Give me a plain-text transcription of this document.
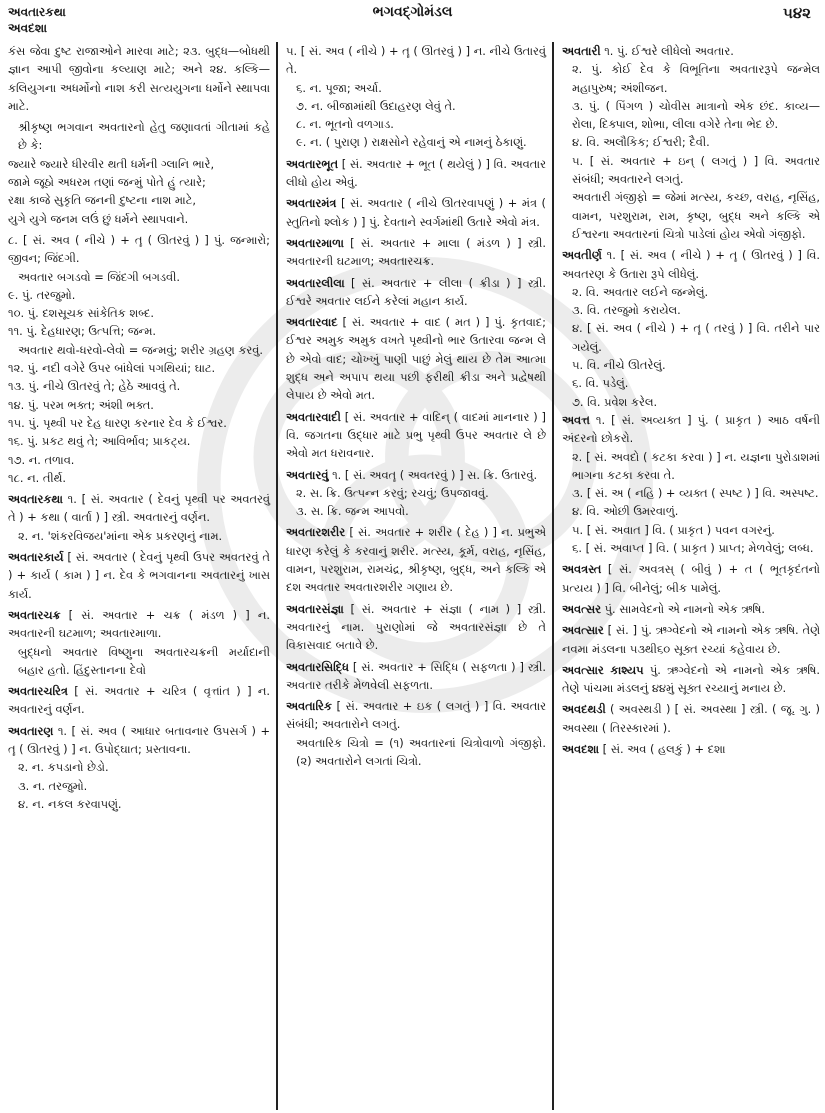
અવતારકથા
અવદશા
ભગવદ્ગોમંડલ	૫૪૨

કંસ જેવા દુષ્ટ રાજાઓને મારવા માટે; ૨૩. બુદ્ધ—બોધથી જ્ઞાન આપી જીવોના કલ્યાણ માટે; અને ૨૪. કલ્કિ—કલિયુગના અધર્મોનો નાશ કરી સત્યયુગના ધર્મોને સ્થાપવા માટે.

શ્રીકૃષ્ણ ભગવાન અવતારનો હેતુ જણાવતાં ગીતામાં કહે છે કે:

જ્યારે જ્યારે ધીરવીર થતી ધર્મની ગ્લાનિ ભારે,

જામે જૂઠો અધરમ તણાં જન્મું પોતે હું ત્યારે;

રક્ષા કાજે સુકૃતિ જનની દુષ્ટના નાશ માટે,

યુગે યુગે જનમ લઉં છું ધર્મને સ્થાપવાને.

૮. [ સં. અવ ( નીચે ) + તૄ ( ઊતરવું ) ] પું. જન્મારો; જીવન; જિંદગી.

અવતાર બગડવો = જિંદગી બગડવી.

૯. પું. તરજુમો.

૧૦. પું. દશસૂચક સાંકેતિક શબ્દ.

૧૧. પું. દેહધારણ; ઉત્પત્તિ; જન્મ.

અવતાર થવો-ધરવો-લેવો = જન્મવું; શરીર ગ્રહણ કરવું.

૧૨. પું. નદી વગેરે ઉપર બાંધેલાં પગથિયાં; ઘાટ.

૧૩. પું. નીચે ઊતરવું તે; હેઠે આવવું તે.

૧૪. પું. પરમ ભક્ત; અંશી ભક્ત.

૧૫. પું. પૃથ્વી પર દેહ ધારણ કરનાર દેવ કે ઈશ્વર.

૧૬. પું. પ્રકટ થવું તે; આવિર્ભાવ; પ્રાકટ્ય.

૧૭. ન. તળાવ.

૧૮. ન. તીર્થ.

અવતારકથા ૧. [ સં. અવતાર ( દેવનું પૃથ્વી પર અવતરવું તે ) + કથા ( વાર્તા ) ] સ્ત્રી. અવતારનું વર્ણન.

૨. ન. 'શંકરવિજય'માંના એક પ્રકરણનું નામ.

અવતારકાર્ય [ સં. અવતાર ( દેવનું પૃથ્વી ઉપર અવતરવું તે ) + કાર્ય ( કામ ) ] ન. દેવ કે ભગવાનના અવતારનું ખાસ કાર્ય.

અવતારચક્ર [ સં. અવતાર + ચક્ર ( મંડળ ) ] ન. અવતારની ઘટમાળ; અવતારમાળા.

બુદ્ધનો અવતાર વિષ્ણુના અવતારચક્રની મર્યાદાની બહાર હતો. હિંદુસ્તાનના દેવો

અવતારચરિત્ર [ સં. અવતાર + ચરિત્ર ( વૃત્તાંત ) ] ન. અવતારનું વર્ણન.

અવતારણ ૧. [ સં. અવ ( આધાર બતાવનાર ઉપસર્ગ ) + તૄ ( ઊતરવું ) ] ન. ઉપોદ્ઘાત; પ્રસ્તાવના.

૨. ન. કપડાનો છેડો.

૩. ન. તરજુમો.

૪. ન. નકલ કરવાપણું.

૫. [ સં. અવ ( નીચે ) + તૄ ( ઊતરવું ) ] ન. નીચે ઉતારવું તે.

૬. ન. પૂજા; અર્ચા.

૭. ન. બીજામાંથી ઉદાહરણ લેવું તે.

૮. ન. ભૂતનો વળગાડ.

૯. ન. ( પુરાણ ) રાક્ષસોને રહેવાનું એ નામનું ઠેકાણું.

અવતારભૂત [ સં. અવતાર + ભૂત ( થયેલું ) ] વિ. અવતાર લીધો હોય એવું.

અવતારમંત્ર [ સં. અવતાર ( નીચે ઊતરવાપણું ) + મંત્ર ( સ્તુતિનો શ્લોક ) ] પું. દેવતાને સ્વર્ગમાંથી ઉતારે એવો મંત્ર.

અવતારમાળા [ સં. અવતાર + માલા ( મંડળ ) ] સ્ત્રી. અવતારની ઘટમાળ; અવતારચક્ર.

અવતારલીલા [ સં. અવતાર + લીલા ( ક્રીડા ) ] સ્ત્રી. ઈશ્વરે અવતાર લઈને કરેલાં મહાન કાર્ય.

અવતારવાદ [ સં. અવતાર + વાદ ( મત ) ] પું. કૃતવાદ; ઈશ્વર અમુક અમુક વખતે પૃથ્વીનો ભાર ઉતારવા જન્મ લે છે એવો વાદ; ચોખ્ખું પાણી પાછું મેલું થાય છે તેમ આત્મા શુદ્ધ અને અપાપ થયા પછી ફરીથી ક્રીડા અને પ્રદ્વેષથી લેપાય છે એવો મત.

અવતારવાદી [ સં. અવતાર + વાદિન્ ( વાદમાં માનનાર ) ] વિ. જગતના ઉદ્ધાર માટે પ્રભુ પૃથ્વી ઉપર અવતાર લે છે એવો મત ધરાવનાર.

અવતારવું ૧. [ સં. અવતૄ ( અવતરવું ) ] સ. ક્રિ. ઉતારવું.

૨. સ. ક્રિ. ઉત્પન્ન કરવું; રચવું; ઉપજાવવું.

૩. સ. ક્રિ. જન્મ આપવો.

અવતારશરીર [ સં. અવતાર + શરીર ( દેહ ) ] ન. પ્રભુએ ધારણ કરેલું કે કરવાનું શરીર. મત્સ્ય, કૂર્મ, વરાહ, નૃસિંહ, વામન, પરશુરામ, રામચંદ્ર, શ્રીકૃષ્ણ, બુદ્ધ, અને કલ્કિ એ દશ અવતાર અવતારશરીર ગણાય છે.

અવતારસંજ્ઞા [ સં. અવતાર + સંજ્ઞા ( નામ ) ] સ્ત્રી. અવતારનું નામ. પુરાણોમાં જે અવતારસંજ્ઞા છે તે વિકાસવાદ બતાવે છે.

અવતારસિદ્ધિ [ સં. અવતાર + સિદ્ધિ ( સફળતા ) ] સ્ત્રી. અવતાર તરીકે મેળવેલી સફળતા.

અવતારિક [ સં. અવતાર + ઇક ( લગતું ) ] વિ. અવતાર સંબંધી; અવતારોને લગતું.

અવતારિક ચિત્રો = (૧) અવતારનાં ચિત્રોવાળો ગંજીફો. (૨) અવતારોને લગતાં ચિત્રો.

અવતારી ૧. પું. ઈશ્વરે લીધેલો અવતાર.

૨. પું. કોઈ દેવ કે વિભૂતિના અવતારરૂપે જન્મેલ મહાપુરુષ; અંશીજન.

૩. પું. ( પિંગળ ) ચોવીસ માત્રાનો એક છંદ. કાવ્ય—રોલા, દિક્પાલ, શોભા, લીલા વગેરે તેના ભેદ છે.

૪. વિ. અલૌકિક; ઈશ્વરી; દૈવી.

૫. [ સં. અવતાર + ઇન્ ( લગતું ) ] વિ. અવતાર સંબંધી; અવતારને લગતું.

અવતારી ગંજીફો = જેમાં મત્સ્ય, કચ્છ, વરાહ, નૃસિંહ, વામન, પરશુરામ, રામ, કૃષ્ણ, બુદ્ધ અને કલ્કિ એ ઈશ્વરના અવતારનાં ચિત્રો પાડેલાં હોય એવો ગંજીફો.

અવતીર્ણ ૧. [ સં. અવ ( નીચે ) + તૄ ( ઊતરવું ) ] વિ. અવતરણ કે ઉતારા રૂપે લીધેલું.

૨. વિ. અવતાર લઈને જન્મેલું.

૩. વિ. તરજુમો કરાયેલ.

૪. [ સં. અવ ( નીચે ) + તૄ ( તરવું ) ] વિ. તરીને પાર ગયેલું.

૫. વિ. નીચે ઊતરેલું.

૬. વિ. પડેલું.

૭. વિ. પ્રવેશ કરેલ.

અવત્ત ૧. [ સં. અવ્યક્ત ] પું. ( પ્રાકૃત ) આઠ વર્ષની અંદરનો છોકરો.

૨. [ સં. અવદો ( કટકા કરવા ) ] ન. યજ્ઞના પુરોડાશમાં ભાગના કટકા કરવા તે.

૩. [ સં. અ ( નહિ ) + વ્યક્ત ( સ્પષ્ટ ) ] વિ. અસ્પષ્ટ.

૪. વિ. ઓછી ઉમરવાળું.

૫. [ સં. અવાત ] વિ. ( પ્રાકૃત ) પવન વગરનું.

૬. [ સં. અવાપ્ત ] વિ. ( પ્રાકૃત ) પ્રાપ્ત; મેળવેલું; લબ્ધ.

અવત્રસ્ત [ સં. અવત્રસ્ ( બીવું ) + ત ( ભૂતકૃદંતનો પ્રત્યય ) ] વિ. બીનેલું; બીક પામેલું.

અવત્સર પું. સામવેદનો એ નામનો એક ઋષિ.

અવત્સાર [ સં. ] પું. ઋગ્વેદનો એ નામનો એક ઋષિ. તેણે નવમા મંડલના ૫૩થી૬૦ સૂક્ત રચ્યાં કહેવાય છે.

અવત્સાર કાશ્યપ પું. ઋગ્વેદનો એ નામનો એક ઋષિ. તેણે પાંચમા મંડલનું ૪૪મું સૂક્ત રચ્યાનું મનાય છે.

અવદથડી ( અવસ્થડી ) [ સં. અવસ્થા ] સ્ત્રી. ( જૂ. ગુ. ) અવસ્થા ( તિરસ્કારમાં ).

અવદશા [ સં. અવ ( હલકું ) + દશા
